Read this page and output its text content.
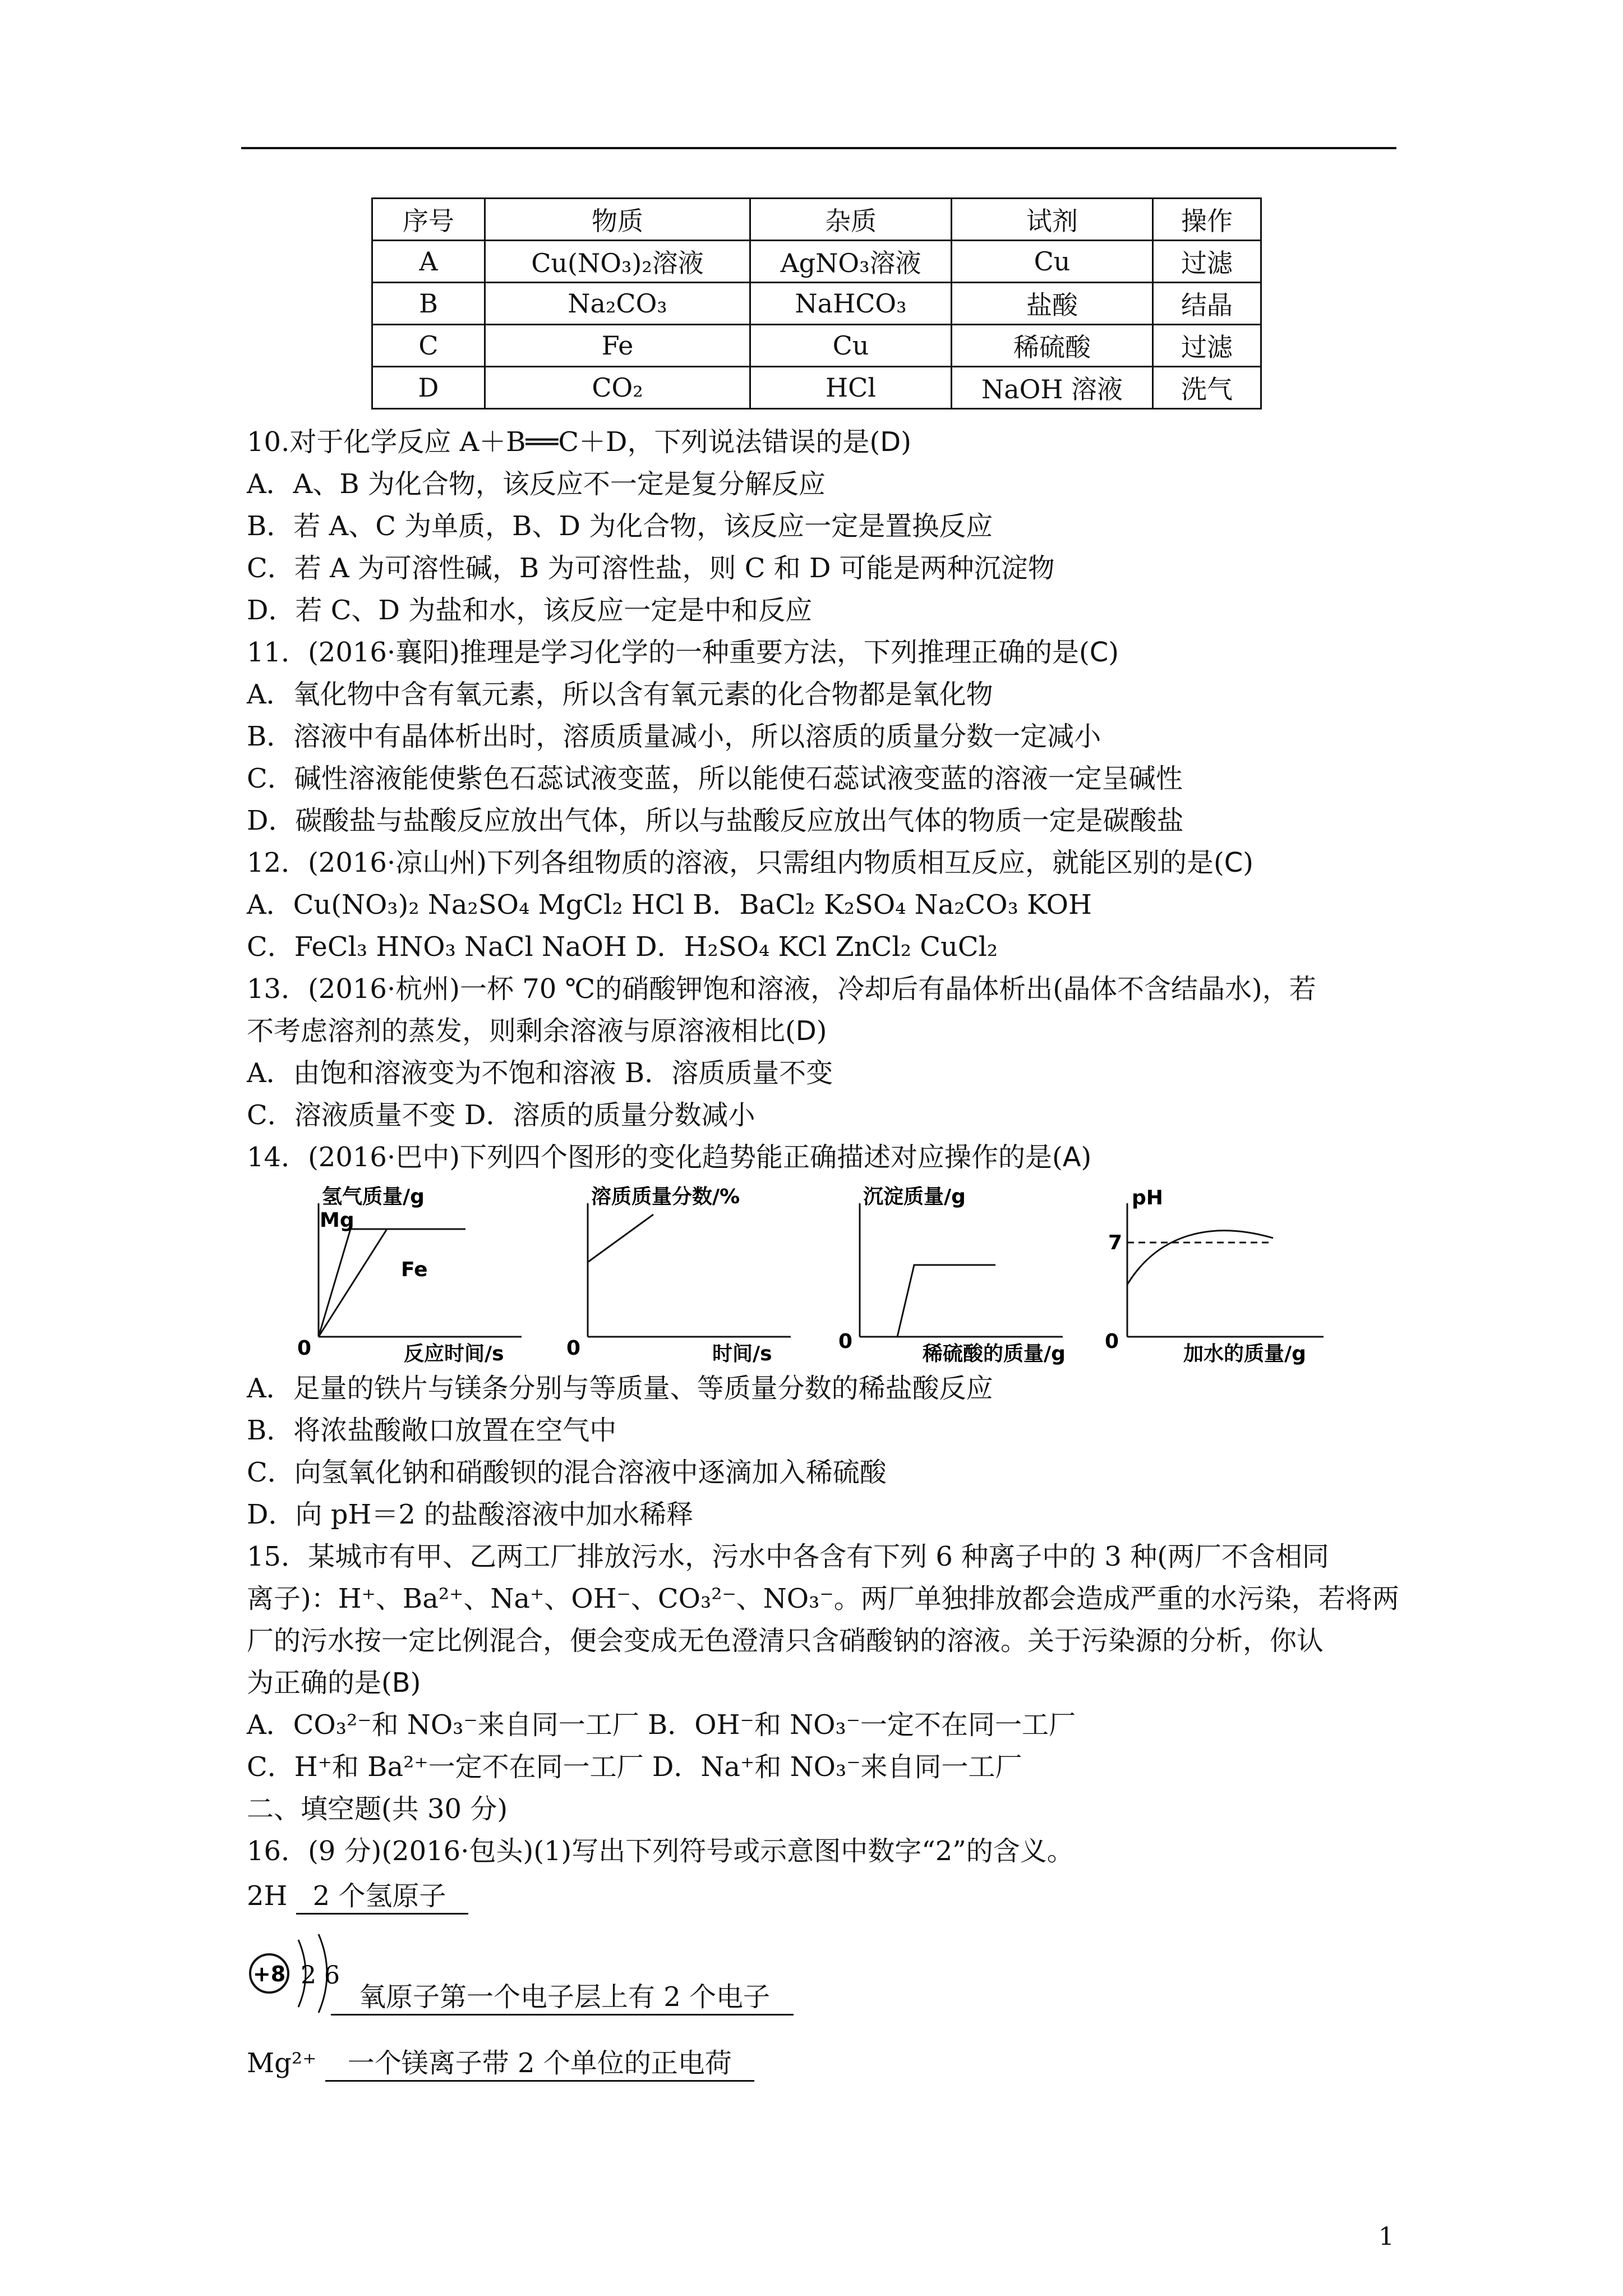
序号	物质	杂质	试剂	操作
A	Cu(NO₃)₂溶液	AgNO₃溶液	Cu	过滤
B	Na₂CO₃	NaHCO₃	盐酸	结晶
C	Fe	Cu	稀硫酸	过滤
D	CO₂	HCl	NaOH 溶液	洗气
10.对于化学反应 A＋B══C＋D，下列说法错误的是(D)
A．A、B 为化合物，该反应不一定是复分解反应
B．若 A、C 为单质，B、D 为化合物，该反应一定是置换反应
C．若 A 为可溶性碱，B 为可溶性盐，则 C 和 D 可能是两种沉淀物
D．若 C、D 为盐和水，该反应一定是中和反应
11．(2016·襄阳)推理是学习化学的一种重要方法，下列推理正确的是(C)
A．氧化物中含有氧元素，所以含有氧元素的化合物都是氧化物
B．溶液中有晶体析出时，溶质质量减小，所以溶质的质量分数一定减小
C．碱性溶液能使紫色石蕊试液变蓝，所以能使石蕊试液变蓝的溶液一定呈碱性
D．碳酸盐与盐酸反应放出气体，所以与盐酸反应放出气体的物质一定是碳酸盐
12．(2016·凉山州)下列各组物质的溶液，只需组内物质相互反应，就能区别的是(C)
A．Cu(NO₃)₂ Na₂SO₄ MgCl₂ HCl B．BaCl₂ K₂SO₄ Na₂CO₃ KOH
C．FeCl₃ HNO₃ NaCl NaOH D．H₂SO₄ KCl ZnCl₂ CuCl₂
13．(2016·杭州)一杯 70 ℃的硝酸钾饱和溶液，冷却后有晶体析出(晶体不含结晶水)，若
不考虑溶剂的蒸发，则剩余溶液与原溶液相比(D)
A．由饱和溶液变为不饱和溶液 B．溶质质量不变
C．溶液质量不变 D．溶质的质量分数减小
14．(2016·巴中)下列四个图形的变化趋势能正确描述对应操作的是(A)
氢气质量/g
Mg
Fe
0	反应时间/s
溶质质量分数/%
0	时间/s
沉淀质量/g
0
稀硫酸的质量/g
pH
7
0
加水的质量/g
A．足量的铁片与镁条分别与等质量、等质量分数的稀盐酸反应
B．将浓盐酸敞口放置在空气中
C．向氢氧化钠和硝酸钡的混合溶液中逐滴加入稀硫酸
D．向 pH＝2 的盐酸溶液中加水稀释
15．某城市有甲、乙两工厂排放污水，污水中各含有下列 6 种离子中的 3 种(两厂不含相同
离子)：H⁺、Ba²⁺、Na⁺、OH⁻、CO₃²⁻、NO₃⁻。两厂单独排放都会造成严重的水污染，若将两
厂的污水按一定比例混合，便会变成无色澄清只含硝酸钠的溶液。关于污染源的分析，你认
为正确的是(B)
A．CO₃²⁻和 NO₃⁻来自同一工厂 B．OH⁻和 NO₃⁻一定不在同一工厂
C．H⁺和 Ba²⁺一定不在同一工厂 D．Na⁺和 NO₃⁻来自同一工厂
二、填空题(共 30 分)
16．(9 分)(2016·包头)(1)写出下列符号或示意图中数字“2”的含义。
2H 2 个氢原子
+8 2 6
氧原子第一个电子层上有 2 个电子
Mg²⁺ 一个镁离子带 2 个单位的正电荷
1
